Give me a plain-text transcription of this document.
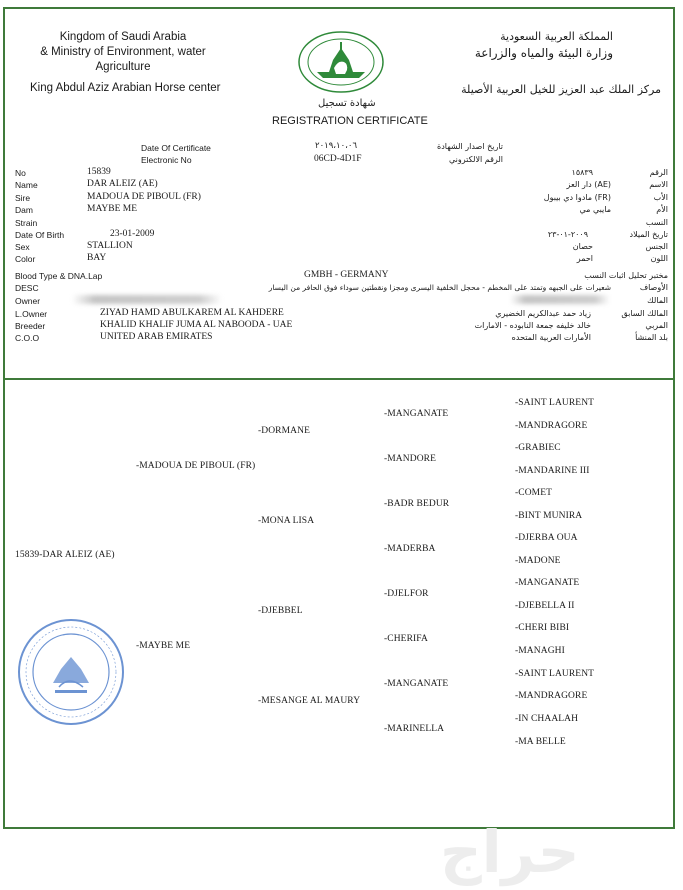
Kingdom of Saudi Arabia
& Ministry of Environment, water
Agriculture
King Abdul Aziz Arabian Horse center
المملكة العربية السعودية
وزارة البيئة والمياه والزراعة
مركز الملك عبد العزيز للخيل العربية الأصيلة
شهادة تسجيل
REGISTRATION CERTIFICATE
Date Of Certificate	٢٠١٩،١٠،٠٦	تاريخ اصدار الشهادة
Electronic No	06CD-4D1F	الرقم الالكتروني
No	15839	١٥٨٣٩	الرقم
Name	DAR ALEIZ (AE)	(AE) دار العز	الاسم
Sire	MADOUA DE PIBOUL (FR)	(FR) مادوا دي بيبول	الأب
Dam	MAYBE ME	مايبي مي	الأم
Strain	النسب
Date Of Birth	23-01-2009	٢٠٠٩-٠١-٢٣	تاريخ الميلاد
Sex	STALLION	حصان	الجنس
Color	BAY	احمر	اللون
Blood Type & DNA.Lap	GMBH - GERMANY	مختبر تحليل اثبات النسب
DESC	شعيرات على الجبهه وتمتد على المخطم - محجل الخلفية اليسرى ومجزا ونقطتين سوداء فوق الحافر من اليسار	الأوصاف
Owner	المالك
L.Owner	ZIYAD HAMD ABULKAREM AL KAHDERE	زياد حمد عبدالكريم الخضيري	المالك السابق
Breeder	KHALID KHALIF JUMA AL NABOODA - UAE	خالد خليفه جمعة النابوده - الامارات	المربي
C.O.O	UNITED ARAB EMIRATES	الأمارات العربية المتحده	بلد المنشأ
15839-DAR ALEIZ (AE)
-MADOUA DE PIBOUL (FR)
-MAYBE ME
-DORMANE
-MONA LISA
-DJEBBEL
-MESANGE AL MAURY
-MANGANATE
-MANDORE
-BADR BEDUR
-MADERBA
-DJELFOR
-CHERIFA
-MANGANATE
-MARINELLA
-SAINT LAURENT
-MANDRAGORE
-GRABIEC
-MANDARINE III
-COMET
-BINT MUNIRA
-DJERBA OUA
-MADONE
-MANGANATE
-DJEBELLA II
-CHERI BIBI
-MANAGHI
-SAINT LAURENT
-MANDRAGORE
-IN CHAALAH
-MA BELLE
حراج
